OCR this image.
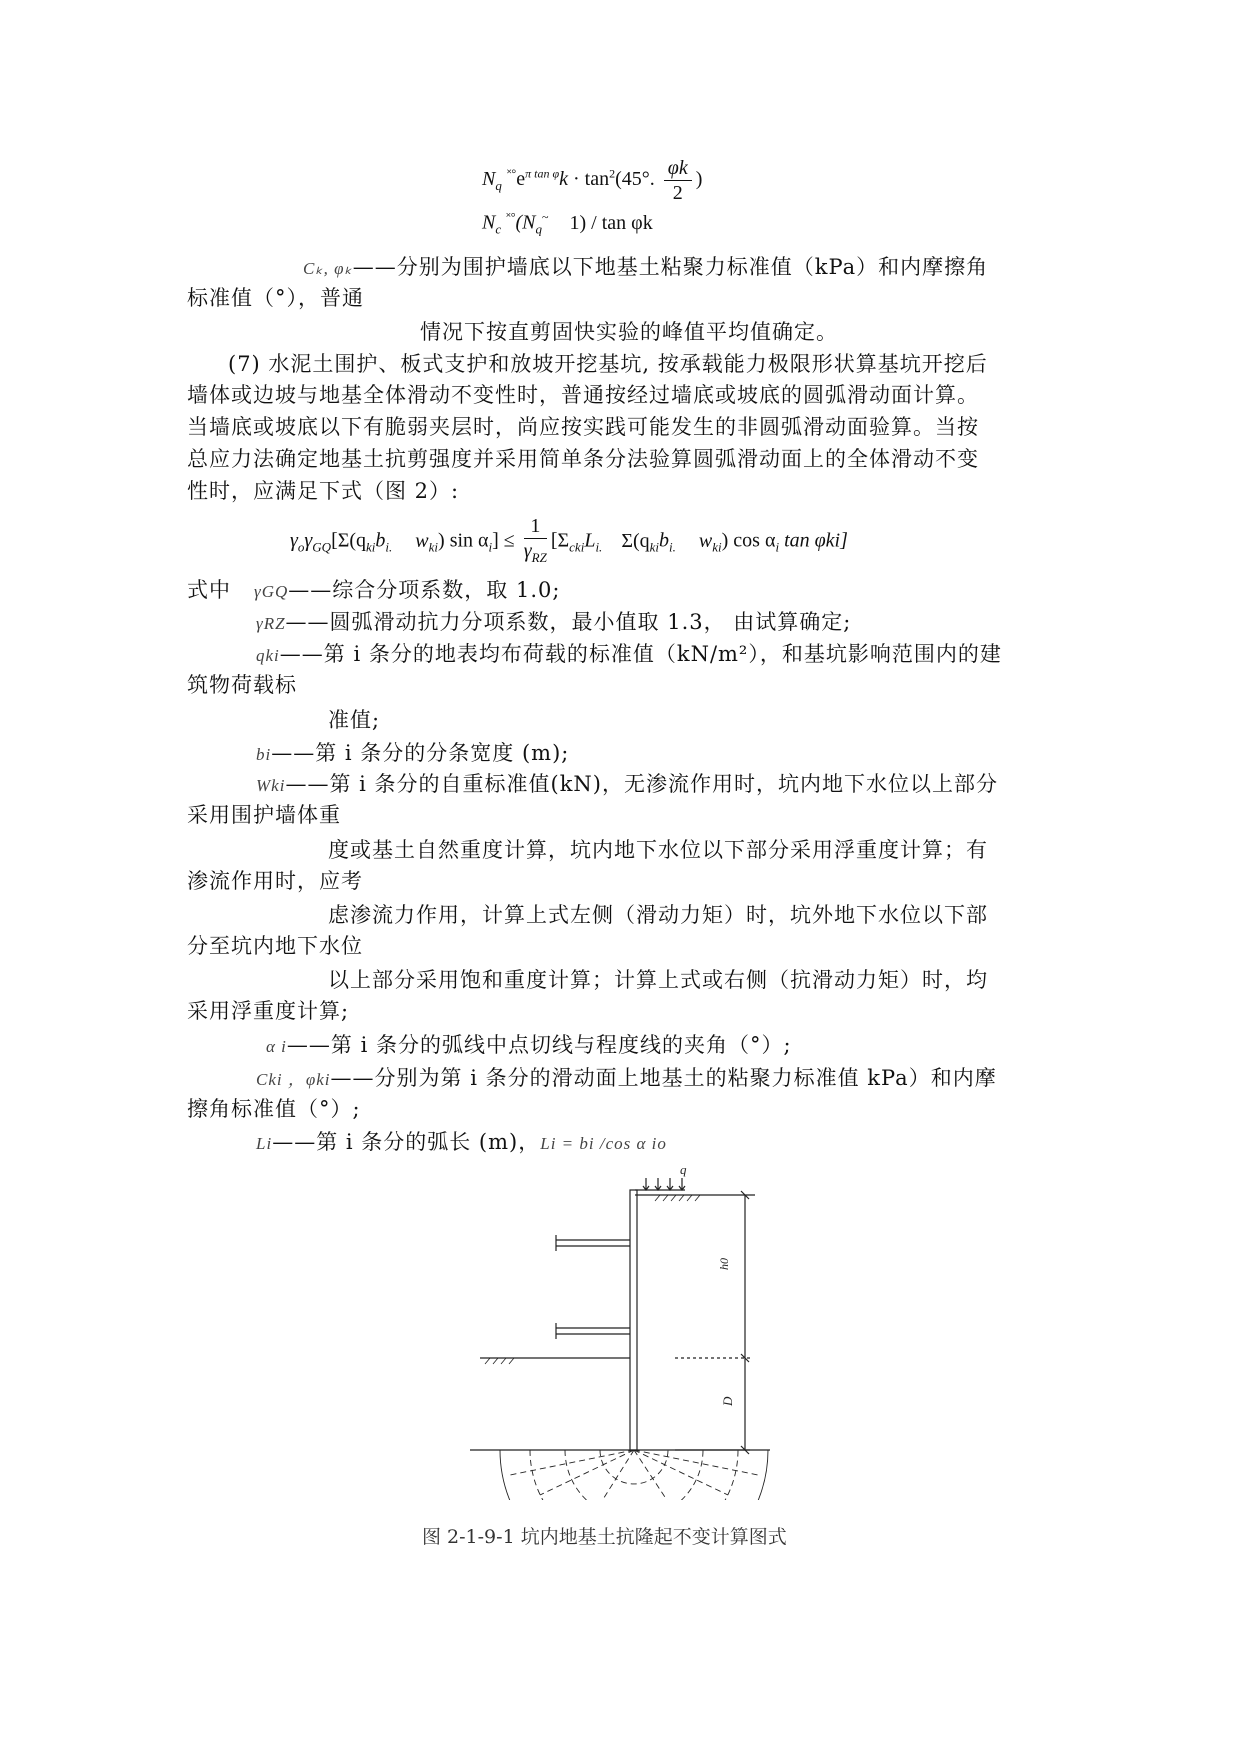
$N_q$ $^{˟^\circ}e^{\pi tan \varphi}k \cdot \tan^2(45^\circ$. $\frac{\varphi k}{2}$ )
$N_c$ $^{˟^\circ}(N_q^\sim$ 1) / tan φk
Cₖ, φₖ——分别为围护墙底以下地基土粘聚力标准值（kPa）和内摩擦角
标准值（°），普通
情况下按直剪固快实验的峰值平均值确定。
(7) 水泥土围护、板式支护和放坡开挖基坑, 按承载能力极限形状算基坑开挖后
墙体或边坡与地基全体滑动不变性时，普通按经过墙底或坡底的圆弧滑动面计算。
当墙底或坡底以下有脆弱夹层时，尚应按实践可能发生的非圆弧滑动面验算。当按
总应力法确定地基土抗剪强度并采用简单条分法验算圆弧滑动面上的全体滑动不变
性时，应满足下式（图 2）:
$\gamma_o\gamma_{GQ}[\Sigma(q_{ki}b_{i.}$ $w_{ki}$) $\sin \alpha_i] \le \frac{1}{\gamma_{RZ}} [\Sigma_{cki}L_{i.}$ $\Sigma(q_{ki}b_{i.}$ $w_{ki}$) $\cos \alpha_i$ tan φki]
式中 γGQ——综合分项系数，取 1.0;
γRZ——圆弧滑动抗力分项系数，最小值取 1.3， 由试算确定;
qki——第 i 条分的地表均布荷载的标准值（kN/m²），和基坑影响范围内的建
筑物荷载标
准值;
bi——第 i 条分的分条宽度 (m);
Wki——第 i 条分的自重标准值(kN)，无渗流作用时，坑内地下水位以上部分
采用围护墙体重
度或基土自然重度计算，坑内地下水位以下部分采用浮重度计算；有
渗流作用时，应考
虑渗流力作用，计算上式左侧（滑动力矩）时，坑外地下水位以下部
分至坑内地下水位
以上部分采用饱和重度计算；计算上式或右侧（抗滑动力矩）时，均
采用浮重度计算;
α i——第 i 条分的弧线中点切线与程度线的夹角（°）;
Cki ，φki——分别为第 i 条分的滑动面上地基土的粘聚力标准值 kPa）和内摩
擦角标准值（°）;
Li——第 i 条分的弧长 (m)，Li = bi /cos α io
q
h0
D
图 2-1-9-1 坑内地基土抗隆起不变计算图式
